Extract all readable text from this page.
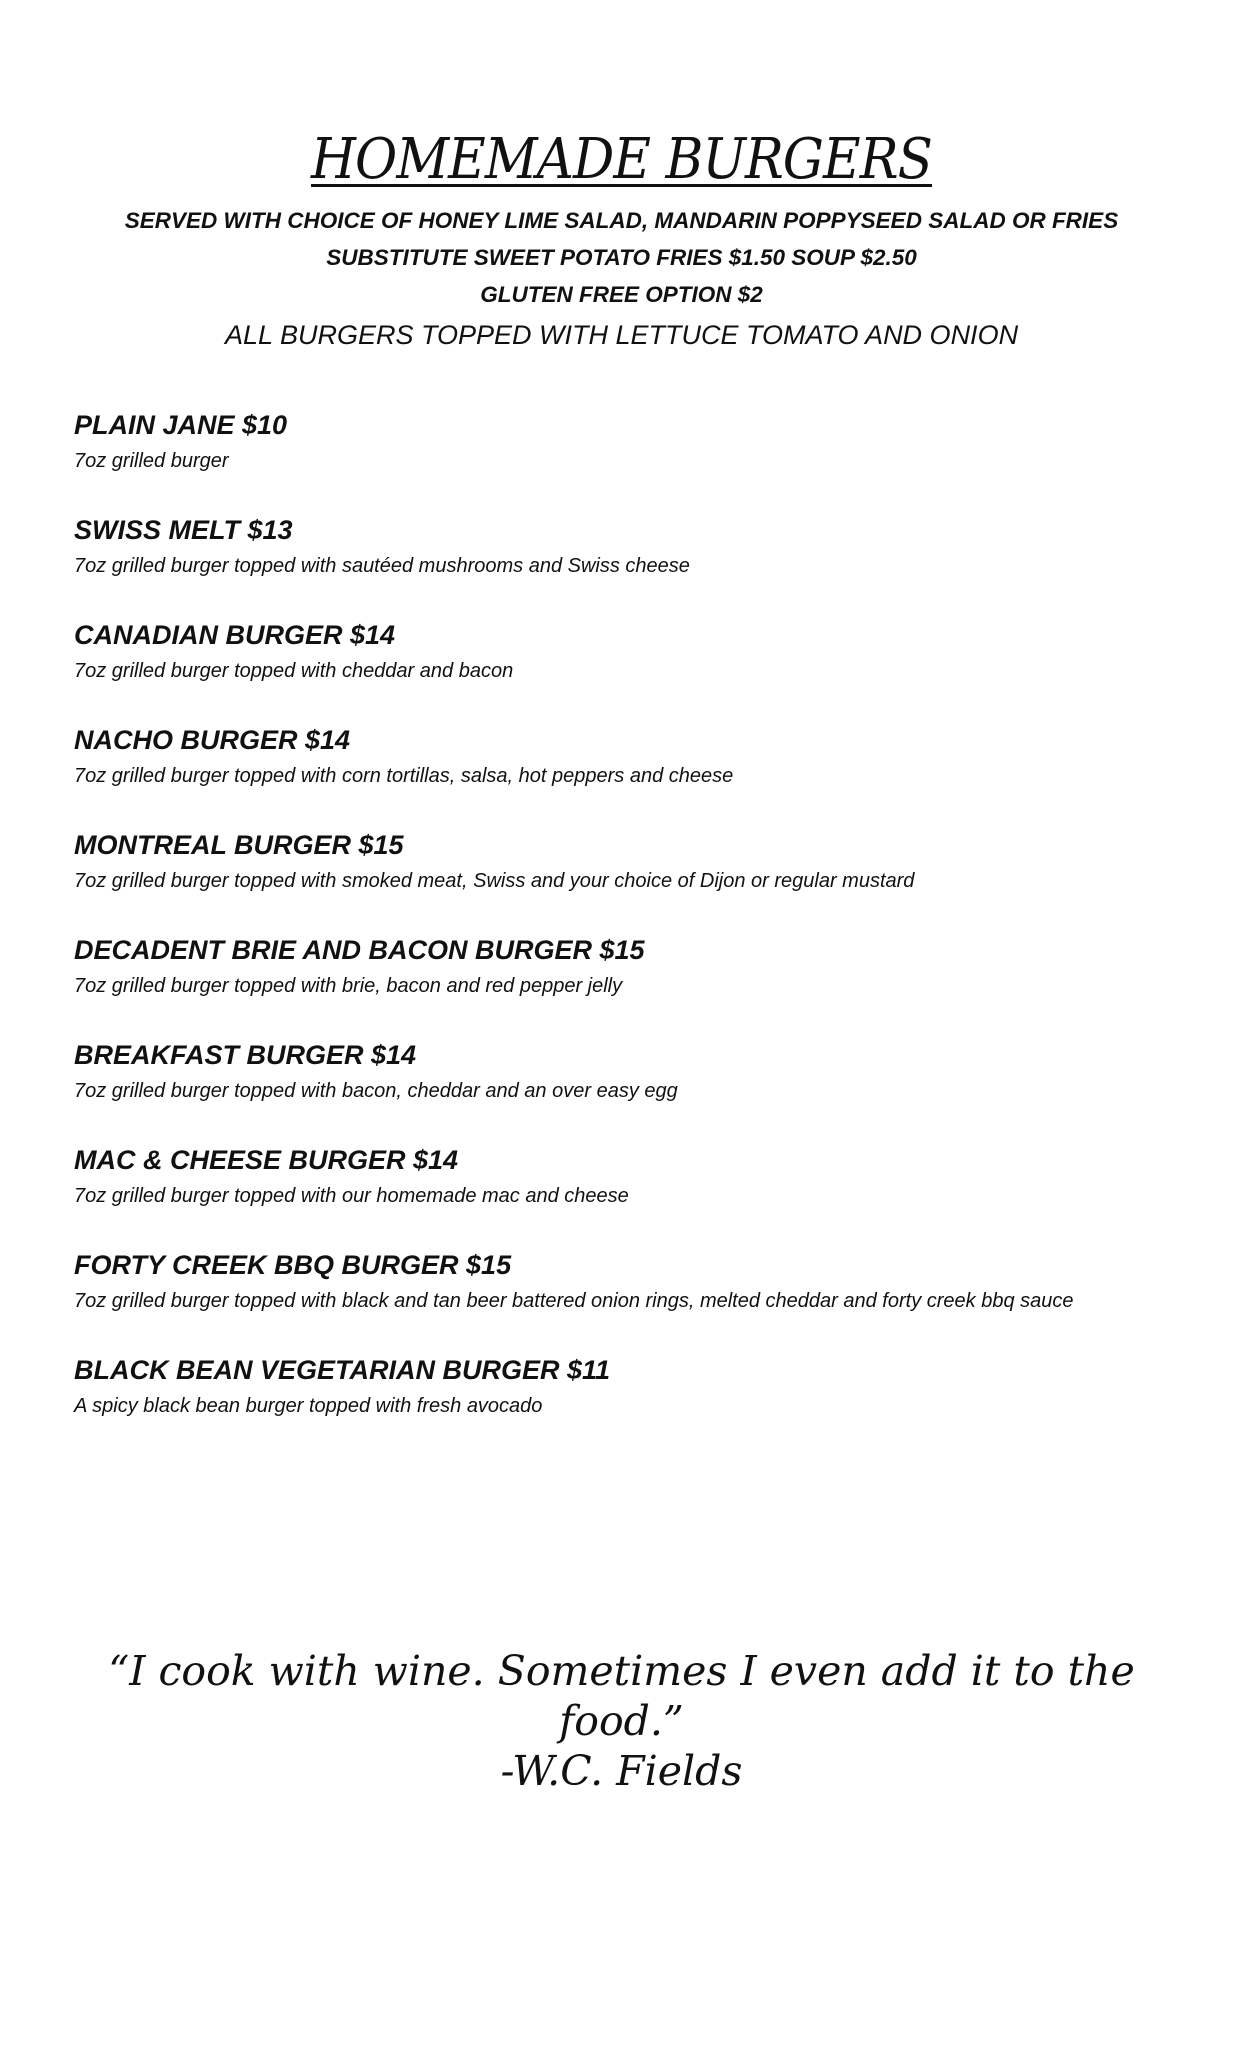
HOMEMADE BURGERS

SERVED WITH CHOICE OF HONEY LIME SALAD, MANDARIN POPPYSEED SALAD OR FRIES

SUBSTITUTE SWEET POTATO FRIES $1.50 SOUP $2.50

GLUTEN FREE OPTION $2

ALL BURGERS TOPPED WITH LETTUCE TOMATO AND ONION

PLAIN JANE $10
7oz grilled burger
SWISS MELT $13
7oz grilled burger topped with sautéed mushrooms and Swiss cheese
CANADIAN BURGER $14
7oz grilled burger topped with cheddar and bacon
NACHO BURGER $14
7oz grilled burger topped with corn tortillas, salsa, hot peppers and cheese
MONTREAL BURGER $15
7oz grilled burger topped with smoked meat, Swiss and your choice of Dijon or regular mustard
DECADENT BRIE AND BACON BURGER $15
7oz grilled burger topped with brie, bacon and red pepper jelly
BREAKFAST BURGER $14
7oz grilled burger topped with bacon, cheddar and an over easy egg
MAC & CHEESE BURGER $14
7oz grilled burger topped with our homemade mac and cheese
FORTY CREEK BBQ BURGER $15
7oz grilled burger topped with black and tan beer battered onion rings, melted cheddar and forty creek bbq sauce
BLACK BEAN VEGETARIAN BURGER $11
A spicy black bean burger topped with fresh avocado
“I cook with wine. Sometimes I even add it to the food.”
-W.C. Fields
